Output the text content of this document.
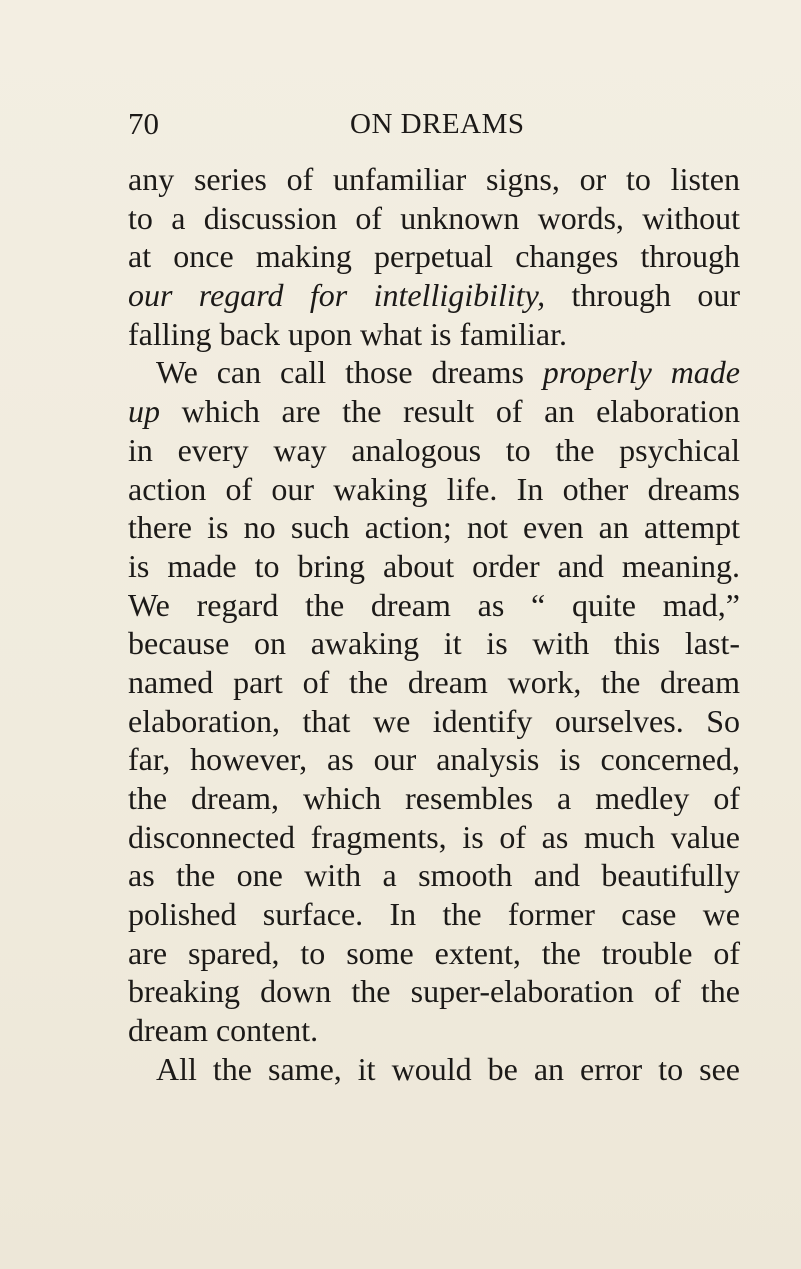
70	ON DREAMS
any series of unfamiliar signs, or to listen
to a discussion of unknown words, without
at once making perpetual changes through
our regard for intelligibility, through our
falling back upon what is familiar.
We can call those dreams properly made
up which are the result of an elaboration
in every way analogous to the psychical
action of our waking life. In other dreams
there is no such action; not even an attempt
is made to bring about order and meaning.
We regard the dream as “ quite mad,”
because on awaking it is with this last-
named part of the dream work, the dream
elaboration, that we identify ourselves. So
far, however, as our analysis is concerned,
the dream, which resembles a medley of
disconnected fragments, is of as much value
as the one with a smooth and beautifully
polished surface. In the former case we
are spared, to some extent, the trouble of
breaking down the super-elaboration of the
dream content.
All the same, it would be an error to see
